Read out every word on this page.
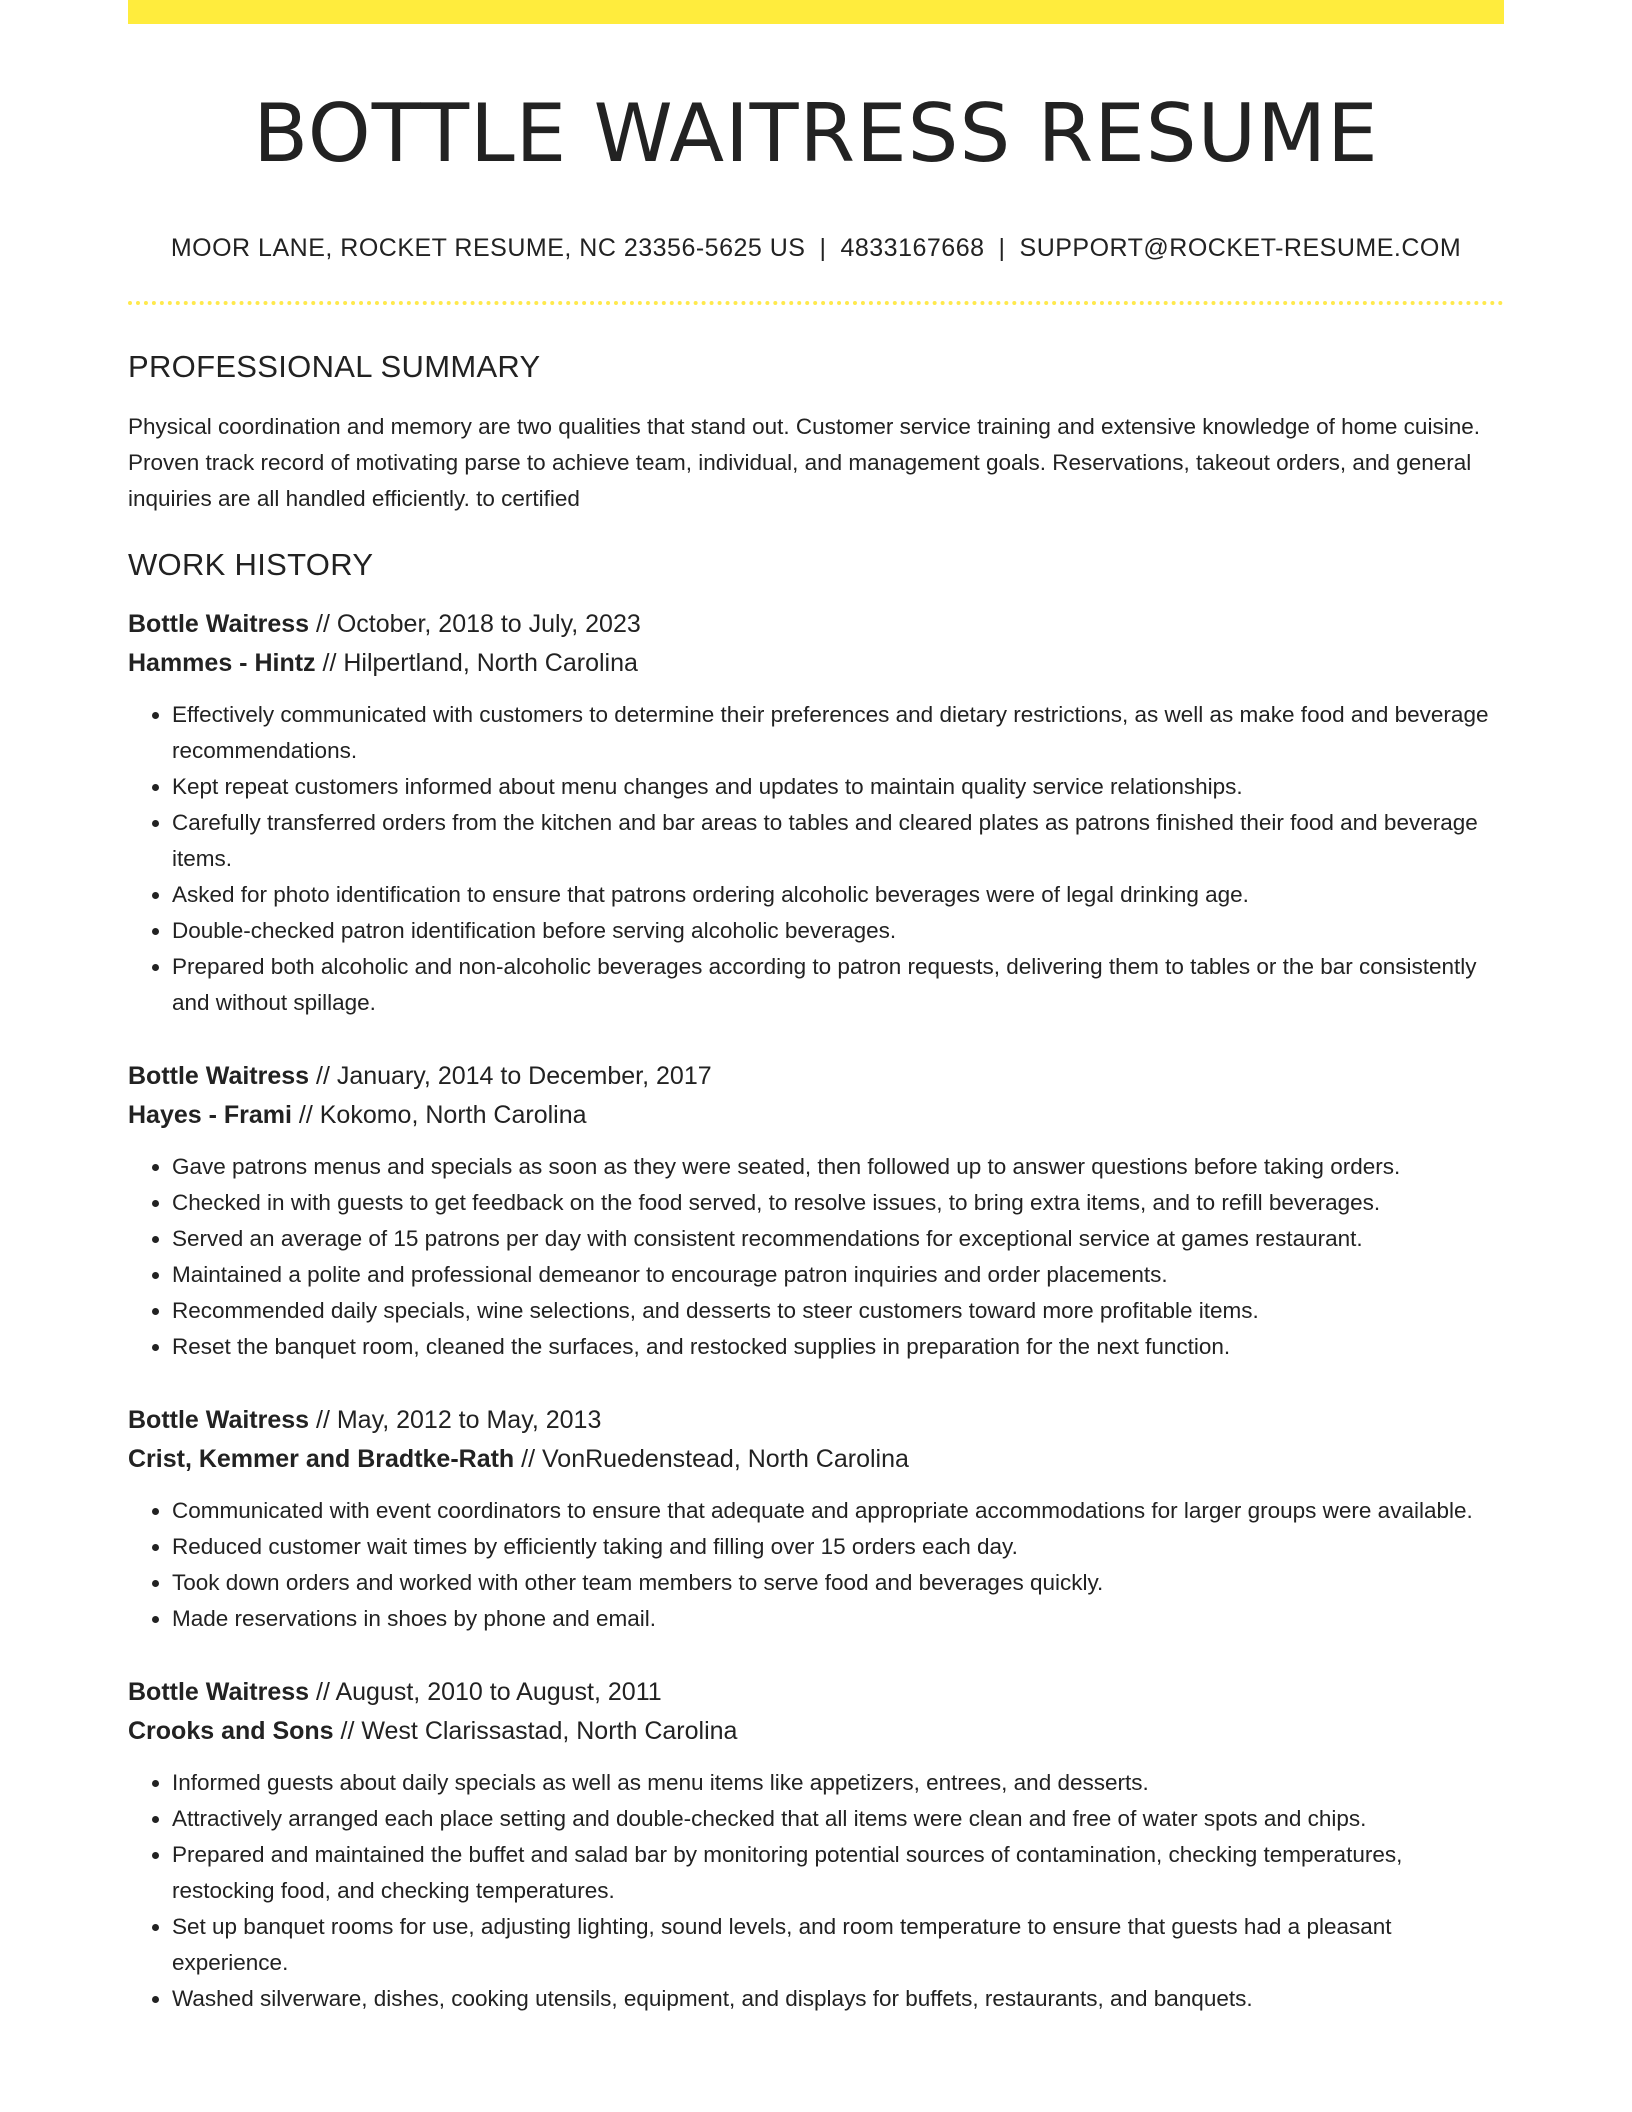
BOTTLE WAITRESS RESUME
MOOR LANE, ROCKET RESUME, NC 23356-5625 US | 4833167668 | SUPPORT@ROCKET-RESUME.COM
PROFESSIONAL SUMMARY

Physical coordination and memory are two qualities that stand out. Customer service training and extensive knowledge of home cuisine. Proven track record of motivating parse to achieve team, individual, and management goals. Reservations, takeout orders, and general inquiries are all handled efficiently. to certified

WORK HISTORY
Bottle Waitress // October, 2018 to July, 2023
Hammes - Hintz // Hilpertland, North Carolina
• Effectively communicated with customers to determine their preferences and dietary restrictions, as well as make food and beverage recommendations.
• Kept repeat customers informed about menu changes and updates to maintain quality service relationships.
• Carefully transferred orders from the kitchen and bar areas to tables and cleared plates as patrons finished their food and beverage items.
• Asked for photo identification to ensure that patrons ordering alcoholic beverages were of legal drinking age.
• Double-checked patron identification before serving alcoholic beverages.
• Prepared both alcoholic and non-alcoholic beverages according to patron requests, delivering them to tables or the bar consistently and without spillage.
Bottle Waitress // January, 2014 to December, 2017
Hayes - Frami // Kokomo, North Carolina
• Gave patrons menus and specials as soon as they were seated, then followed up to answer questions before taking orders.
• Checked in with guests to get feedback on the food served, to resolve issues, to bring extra items, and to refill beverages.
• Served an average of 15 patrons per day with consistent recommendations for exceptional service at games restaurant.
• Maintained a polite and professional demeanor to encourage patron inquiries and order placements.
• Recommended daily specials, wine selections, and desserts to steer customers toward more profitable items.
• Reset the banquet room, cleaned the surfaces, and restocked supplies in preparation for the next function.
Bottle Waitress // May, 2012 to May, 2013
Crist, Kemmer and Bradtke-Rath // VonRuedenstead, North Carolina
• Communicated with event coordinators to ensure that adequate and appropriate accommodations for larger groups were available.
• Reduced customer wait times by efficiently taking and filling over 15 orders each day.
• Took down orders and worked with other team members to serve food and beverages quickly.
• Made reservations in shoes by phone and email.
Bottle Waitress // August, 2010 to August, 2011
Crooks and Sons // West Clarissastad, North Carolina
• Informed guests about daily specials as well as menu items like appetizers, entrees, and desserts.
• Attractively arranged each place setting and double-checked that all items were clean and free of water spots and chips.
• Prepared and maintained the buffet and salad bar by monitoring potential sources of contamination, checking temperatures, restocking food, and checking temperatures.
• Set up banquet rooms for use, adjusting lighting, sound levels, and room temperature to ensure that guests had a pleasant experience.
• Washed silverware, dishes, cooking utensils, equipment, and displays for buffets, restaurants, and banquets.
